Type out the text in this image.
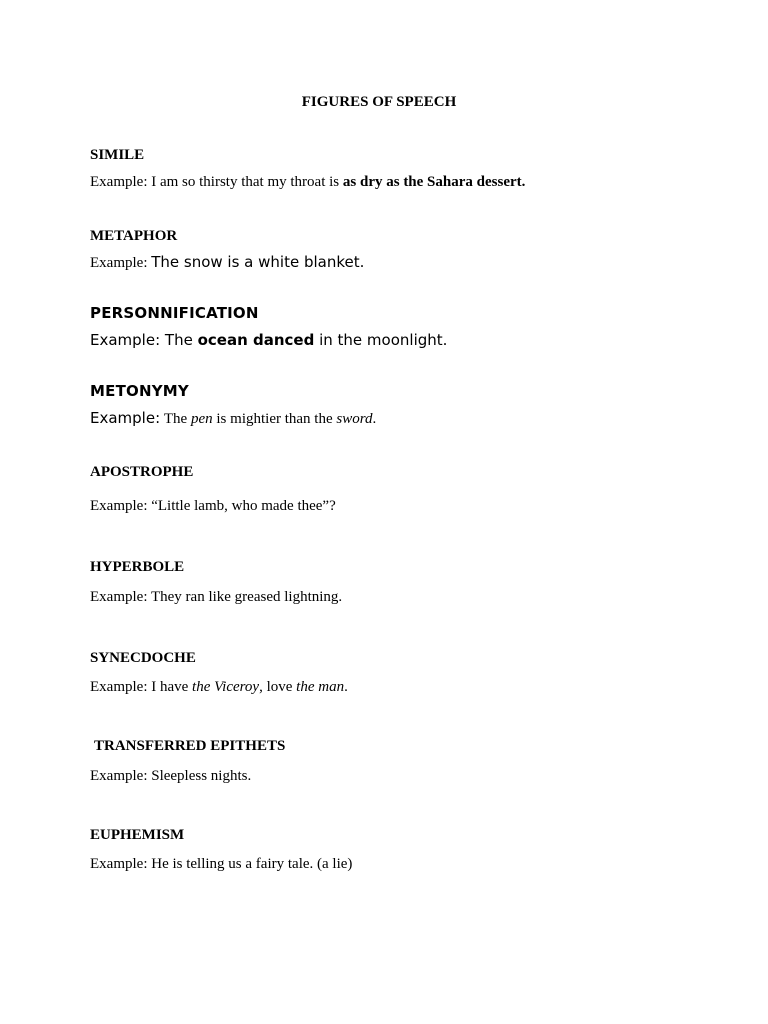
FIGURES OF SPEECH
SIMILE
Example: I am so thirsty that my throat is as dry as the Sahara dessert.
METAPHOR
Example: The snow is a white blanket.
PERSONNIFICATION
Example: The ocean danced in the moonlight.
METONYMY
Example: The pen is mightier than the sword.
APOSTROPHE
Example: “Little lamb, who made thee”?
HYPERBOLE
Example: They ran like greased lightning.
SYNECDOCHE
Example: I have the Viceroy, love the man.
TRANSFERRED EPITHETS
Example: Sleepless nights.
EUPHEMISM
Example: He is telling us a fairy tale. (a lie)
